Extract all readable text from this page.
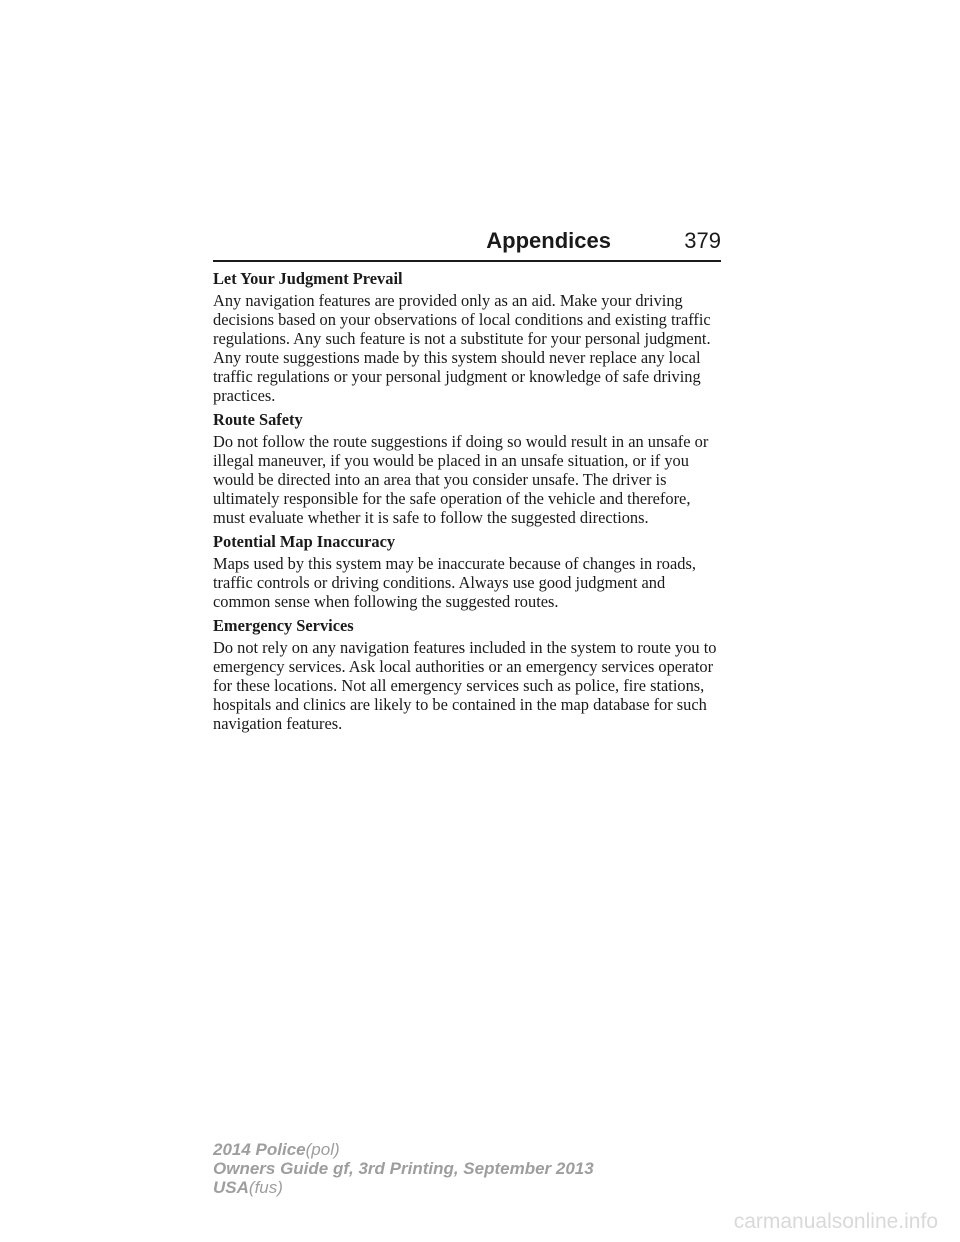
Appendices	379
Let Your Judgment Prevail

Any navigation features are provided only as an aid. Make your driving decisions based on your observations of local conditions and existing traffic regulations. Any such feature is not a substitute for your personal judgment. Any route suggestions made by this system should never replace any local traffic regulations or your personal judgment or knowledge of safe driving practices.

Route Safety

Do not follow the route suggestions if doing so would result in an unsafe or illegal maneuver, if you would be placed in an unsafe situation, or if you would be directed into an area that you consider unsafe. The driver is ultimately responsible for the safe operation of the vehicle and therefore, must evaluate whether it is safe to follow the suggested directions.

Potential Map Inaccuracy

Maps used by this system may be inaccurate because of changes in roads, traffic controls or driving conditions. Always use good judgment and common sense when following the suggested routes.

Emergency Services

Do not rely on any navigation features included in the system to route you to emergency services. Ask local authorities or an emergency services operator for these locations. Not all emergency services such as police, fire stations, hospitals and clinics are likely to be contained in the map database for such navigation features.

2014 Police(pol)
Owners Guide gf, 3rd Printing, September 2013
USA(fus)
carmanualsonline.info
